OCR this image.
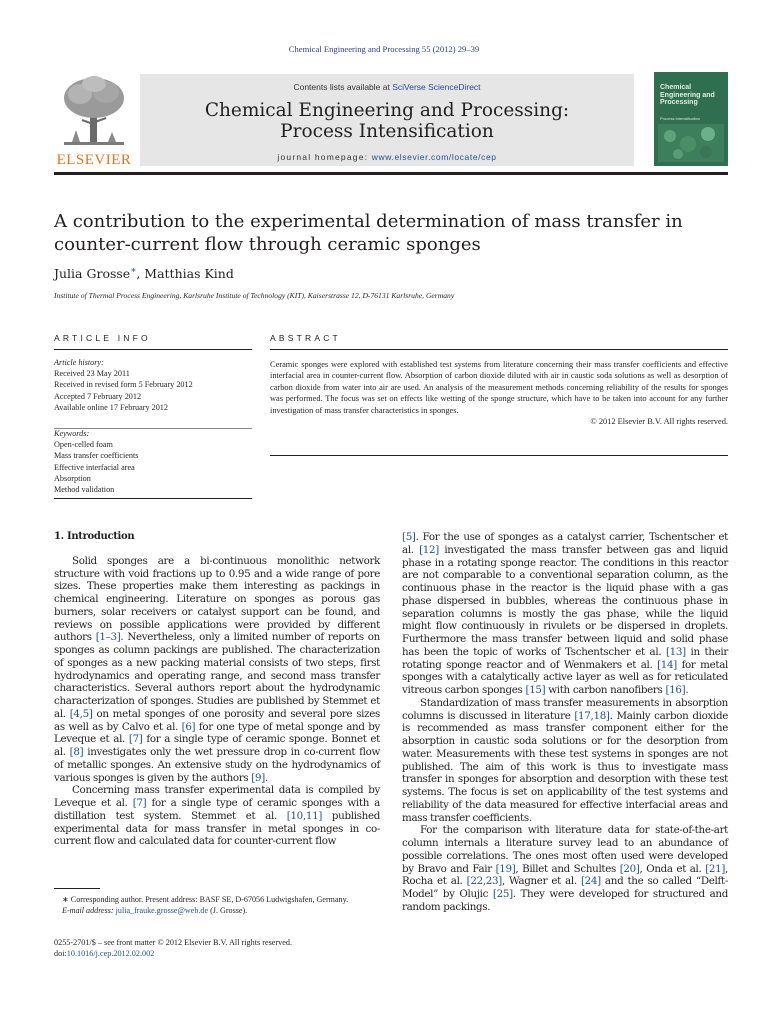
Chemical Engineering and Processing 55 (2012) 29–39
ELSEVIER
Contents lists available at SciVerse ScienceDirect
Chemical Engineering and Processing:
Process Intensification
journal homepage: www.elsevier.com/locate/cep
Chemical Engineering and Processing
Process Intensification
A contribution to the experimental determination of mass transfer in counter-current flow through ceramic sponges
Julia Grosse∗, Matthias Kind
Institute of Thermal Process Engineering, Karlsruhe Institute of Technology (KIT), Kaiserstrasse 12, D-76131 Karlsruhe, Germany
ARTICLE INFO	ABSTRACT
Article history:
Received 23 May 2011
Received in revised form 5 February 2012
Accepted 7 February 2012
Available online 17 February 2012
Keywords:
Open-celled foam
Mass transfer coefficients
Effective interfacial area
Absorption
Method validation
Ceramic sponges were explored with established test systems from literature concerning their mass transfer coefficients and effective interfacial area in counter-current flow. Absorption of carbon dioxide diluted with air in caustic soda solutions as well as desorption of carbon dioxide from water into air are used. An analysis of the measurement methods concerning reliability of the results for sponges was performed. The focus was set on effects like wetting of the sponge structure, which have to be taken into account for any further investigation of mass transfer characteristics in sponges.
© 2012 Elsevier B.V. All rights reserved.

1. Introduction

Solid sponges are a bi-continuous monolithic network structure with void fractions up to 0.95 and a wide range of pore sizes. These properties make them interesting as packings in chemical engineering. Literature on sponges as porous gas burners, solar receivers or catalyst support can be found, and reviews on possible applications were provided by different authors [1–3]. Nevertheless, only a limited number of reports on sponges as column packings are published. The characterization of sponges as a new packing material consists of two steps, first hydrodynamics and operating range, and second mass transfer characteristics. Several authors report about the hydrodynamic characterization of sponges. Studies are published by Stemmet et al. [4,5] on metal sponges of one porosity and several pore sizes as well as by Calvo et al. [6] for one type of metal sponge and by Leveque et al. [7] for a single type of ceramic sponge. Bonnet et al. [8] investigates only the wet pressure drop in co-current flow of metallic sponges. An extensive study on the hydrodynamics of various sponges is given by the authors [9].

Concerning mass transfer experimental data is compiled by Leveque et al. [7] for a single type of ceramic sponges with a distillation test system. Stemmet et al. [10,11] published experimental data for mass transfer in metal sponges in co-current flow and calculated data for counter-current flow

[5]. For the use of sponges as a catalyst carrier, Tschentscher et al. [12] investigated the mass transfer between gas and liquid phase in a rotating sponge reactor. The conditions in this reactor are not comparable to a conventional separation column, as the continuous phase in the reactor is the liquid phase with a gas phase dispersed in bubbles, whereas the continuous phase in separation columns is mostly the gas phase, while the liquid might flow continuously in rivulets or be dispersed in droplets. Furthermore the mass transfer between liquid and solid phase has been the topic of works of Tschentscher et al. [13] in their rotating sponge reactor and of Wenmakers et al. [14] for metal sponges with a catalytically active layer as well as for reticulated vitreous carbon sponges [15] with carbon nanofibers [16].

Standardization of mass transfer measurements in absorption columns is discussed in literature [17,18]. Mainly carbon dioxide is recommended as mass transfer component either for the absorption in caustic soda solutions or for the desorption from water. Measurements with these test systems in sponges are not published. The aim of this work is thus to investigate mass transfer in sponges for absorption and desorption with these test systems. The focus is set on applicability of the test systems and reliability of the data measured for effective interfacial areas and mass transfer coefficients.

For the comparison with literature data for state-of-the-art column internals a literature survey lead to an abundance of possible correlations. The ones most often used were developed by Bravo and Fair [19], Billet and Schultes [20], Onda et al. [21], Rocha et al. [22,23], Wagner et al. [24] and the so called “Delft-Model” by Olujic [25]. They were developed for structured and random packings.

∗ Corresponding author. Present address: BASF SE, D-67056 Ludwigshafen, Germany.
E-mail address: julia_frauke.grosse@web.de (J. Grosse).
0255-2701/$ – see front matter © 2012 Elsevier B.V. All rights reserved.
doi:10.1016/j.cep.2012.02.002
